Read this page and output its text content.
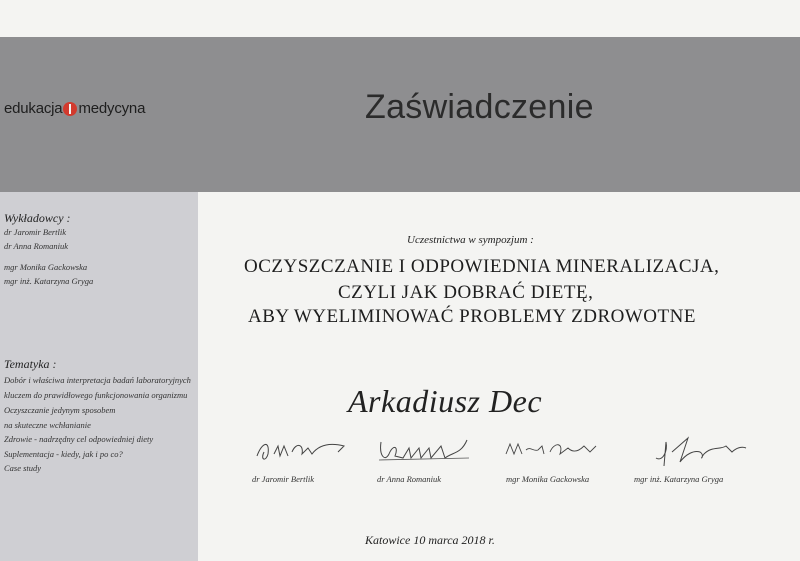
edukacja medycyna	Zaświadczenie
Wykładowcy :
dr Jaromir Bertlik
dr Anna Romaniuk
mgr Monika Gackowska
mgr inż. Katarzyna Gryga
Tematyka :
Dobór i właściwa interpretacja badań laboratoryjnych
kluczem do prawidłowego funkcjonowania organizmu
Oczyszczanie jedynym sposobem
na skuteczne wchłanianie
Zdrowie - nadrzędny cel odpowiedniej diety
Suplementacja - kiedy, jak i po co?
Case study
Uczestnictwa w sympozjum :
OCZYSZCZANIE I ODPOWIEDNIA MINERALIZACJA,
CZYLI JAK DOBRAĆ DIETĘ,
ABY WYELIMINOWAĆ PROBLEMY ZDROWOTNE
Arkadiusz Dec
dr Jaromir Bertlik	dr Anna Romaniuk	mgr Monika Gackowska	mgr inż. Katarzyna Gryga
Katowice 10 marca 2018 r.
